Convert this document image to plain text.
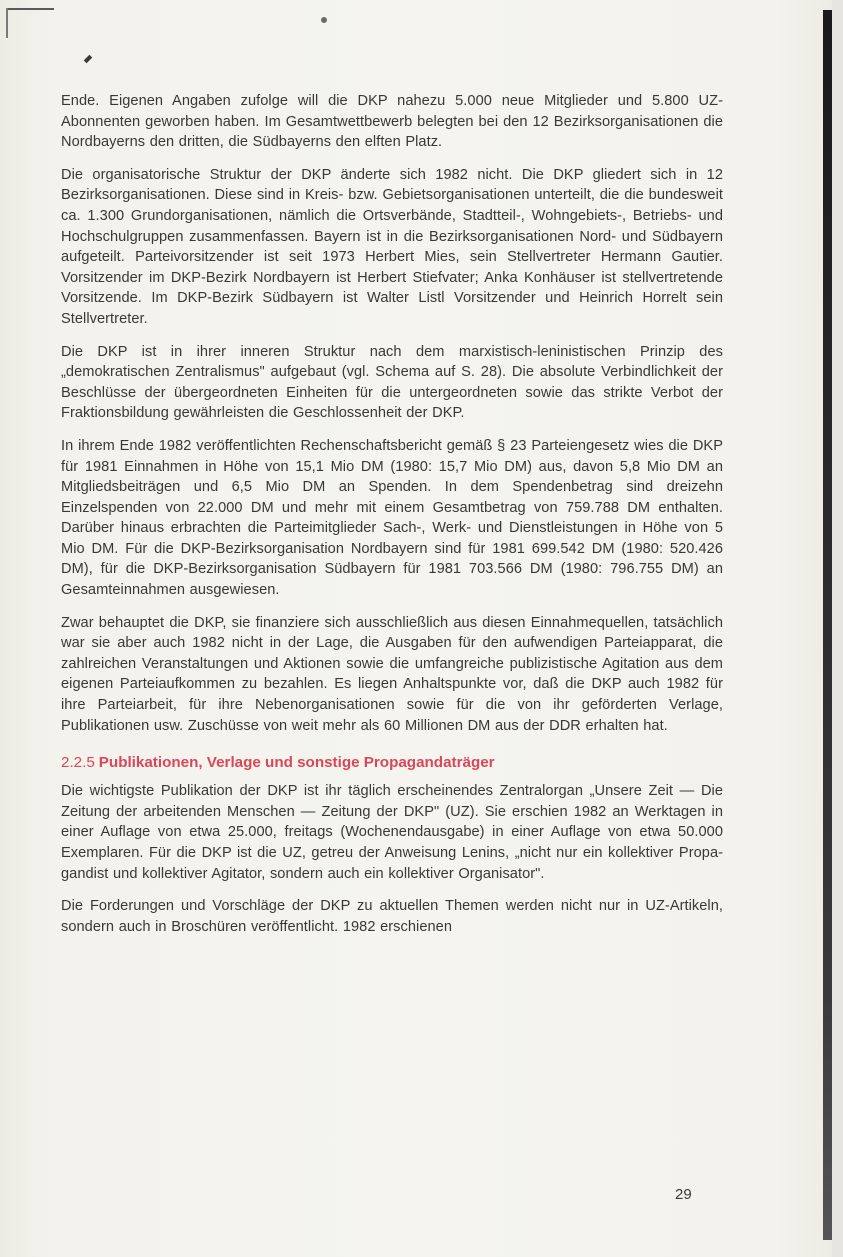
Ende. Eigenen Angaben zufolge will die DKP nahezu 5.000 neue Mitglieder und 5.800 UZ-Abonnenten geworben haben. Im Gesamtwettbewerb belegten bei den 12 Bezirksorganisationen die Nordbayerns den dritten, die Südbayerns den elften Platz.

Die organisatorische Struktur der DKP änderte sich 1982 nicht. Die DKP gliedert sich in 12 Bezirksorganisationen. Diese sind in Kreis- bzw. Gebietsorganisationen unterteilt, die die bundesweit ca. 1.300 Grundorganisationen, nämlich die Ortsverbände, Stadtteil-, Wohngebiets-, Betriebs- und Hochschulgruppen zusammenfassen. Bayern ist in die Bezirksorganisationen Nord- und Südbayern aufgeteilt. Parteivorsitzender ist seit 1973 Herbert Mies, sein Stellvertreter Hermann Gautier. Vorsitzender im DKP-Bezirk Nordbayern ist Herbert Stiefvater; Anka Konhäuser ist stellvertretende Vorsitzende. Im DKP-Bezirk Südbayern ist Walter Listl Vorsitzender und Heinrich Horrelt sein Stellvertreter.

Die DKP ist in ihrer inneren Struktur nach dem marxistisch-leninistischen Prinzip des „demokratischen Zentralismus" aufgebaut (vgl. Schema auf S. 28). Die absolute Verbindlichkeit der Beschlüsse der übergeordneten Einheiten für die untergeordneten sowie das strikte Verbot der Fraktionsbildung gewährleisten die Geschlossenheit der DKP.

In ihrem Ende 1982 veröffentlichten Rechenschaftsbericht gemäß § 23 Parteiengesetz wies die DKP für 1981 Einnahmen in Höhe von 15,1 Mio DM (1980: 15,7 Mio DM) aus, davon 5,8 Mio DM an Mitgliedsbeiträgen und 6,5 Mio DM an Spenden. In dem Spendenbetrag sind dreizehn Einzelspenden von 22.000 DM und mehr mit einem Gesamtbetrag von 759.788 DM enthalten. Darüber hinaus erbrachten die Parteimitglieder Sach-, Werk- und Dienstleistungen in Höhe von 5 Mio DM. Für die DKP-Bezirksorganisation Nordbayern sind für 1981 699.542 DM (1980: 520.426 DM), für die DKP-Bezirksorganisation Südbayern für 1981 703.566 DM (1980: 796.755 DM) an Gesamteinnahmen ausgewiesen.

Zwar behauptet die DKP, sie finanziere sich ausschließlich aus diesen Einnahmequellen, tatsächlich war sie aber auch 1982 nicht in der Lage, die Ausgaben für den aufwendigen Parteiapparat, die zahlreichen Veranstaltungen und Aktionen sowie die umfangreiche publizistische Agitation aus dem eigenen Parteiaufkommen zu bezahlen. Es liegen Anhaltspunkte vor, daß die DKP auch 1982 für ihre Parteiarbeit, für ihre Nebenorganisationen sowie für die von ihr geförderten Verlage, Publikationen usw. Zuschüsse von weit mehr als 60 Millionen DM aus der DDR erhalten hat.

2.2.5 Publikationen, Verlage und sonstige Propagandaträger

Die wichtigste Publikation der DKP ist ihr täglich erscheinendes Zentralorgan „Unsere Zeit — Die Zeitung der arbeitenden Menschen — Zeitung der DKP" (UZ). Sie erschien 1982 an Werktagen in einer Auflage von etwa 25.000, freitags (Wochenendausgabe) in einer Auflage von etwa 50.000 Exemplaren. Für die DKP ist die UZ, getreu der Anweisung Lenins, „nicht nur ein kollektiver Propagandist und kollektiver Agitator, sondern auch ein kollektiver Organisator".

Die Forderungen und Vorschläge der DKP zu aktuellen Themen werden nicht nur in UZ-Artikeln, sondern auch in Broschüren veröffentlicht. 1982 erschienen

29
